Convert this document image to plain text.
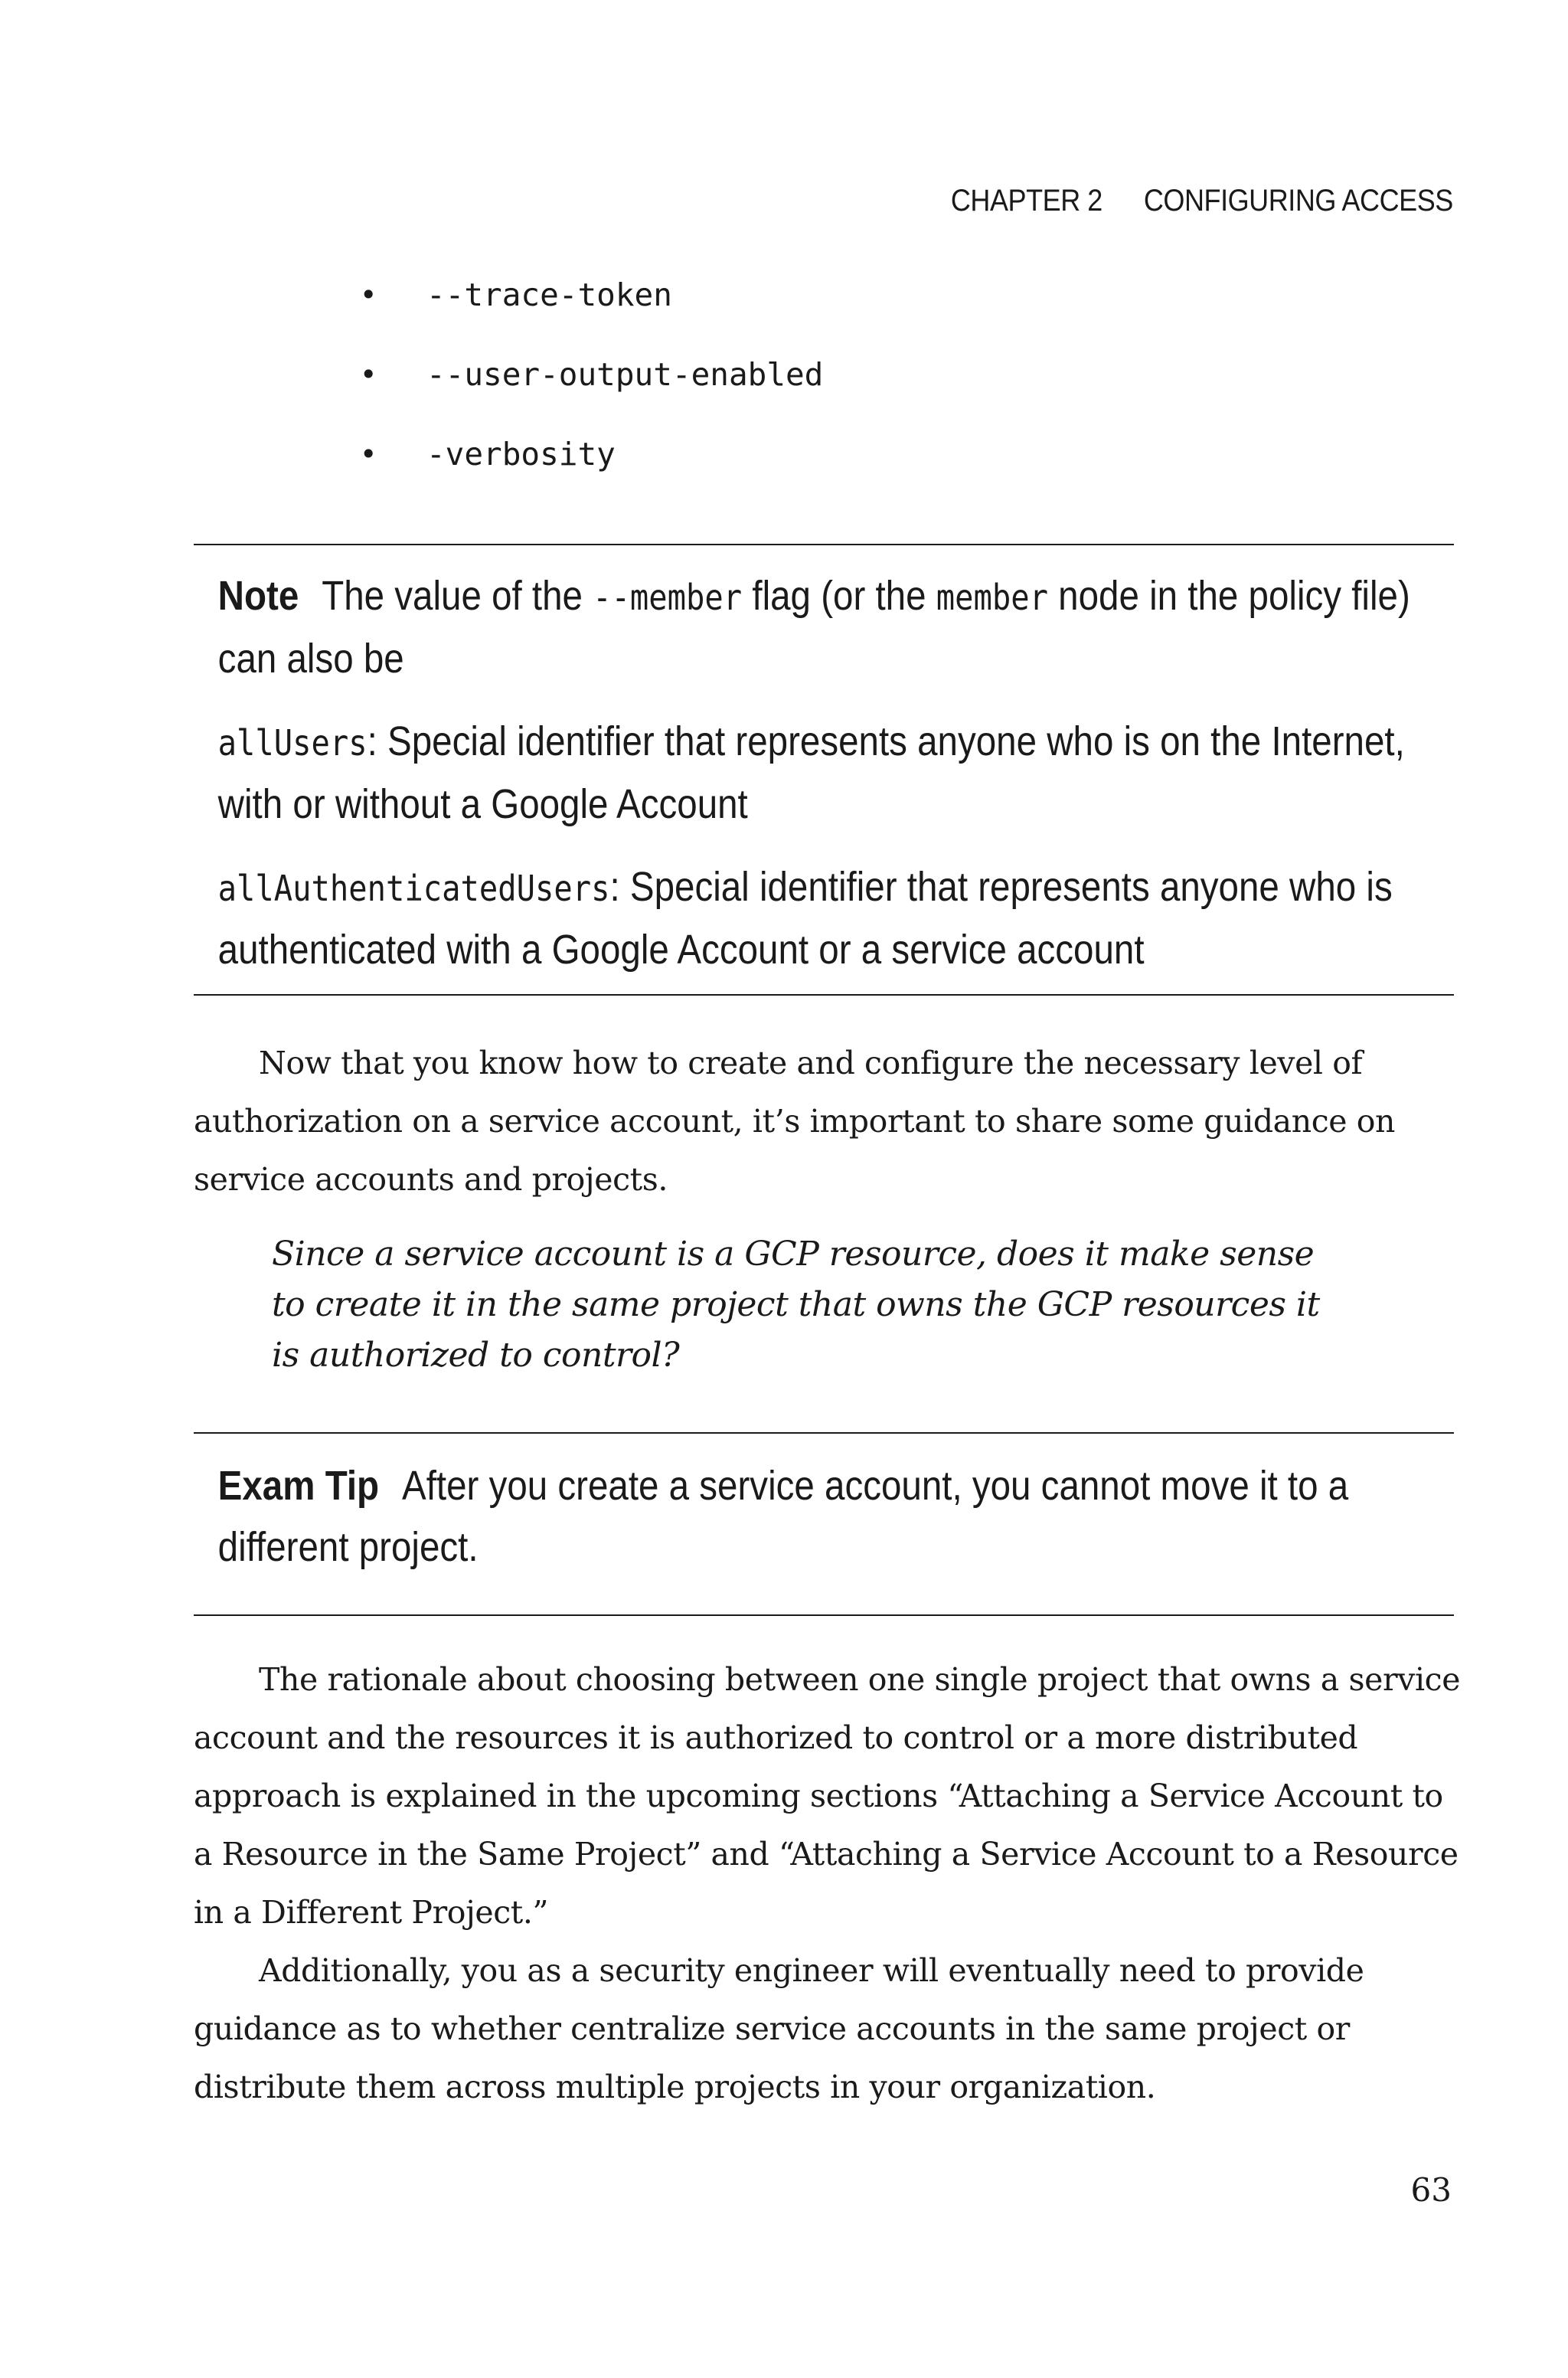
CHAPTER 2 CONFIGURING ACCESS
• --trace-token
• --user-output-enabled
• -verbosity

Note The value of the --member flag (or the member node in the policy file) can also be

allUsers: Special identifier that represents anyone who is on the Internet, with or without a Google Account

allAuthenticatedUsers: Special identifier that represents anyone who is authenticated with a Google Account or a service account

Now that you know how to create and configure the necessary level of authorization on a service account, it’s important to share some guidance on service accounts and projects.

Since a service account is a GCP resource, does it make sense

to create it in the same project that owns the GCP resources it

is authorized to control?

Exam Tip After you create a service account, you cannot move it to a different project.

The rationale about choosing between one single project that owns a service account and the resources it is authorized to control or a more distributed approach is explained in the upcoming sections “Attaching a Service Account to a Resource in the Same Project” and “Attaching a Service Account to a Resource in a Different Project.”

Additionally, you as a security engineer will eventually need to provide guidance as to whether centralize service accounts in the same project or distribute them across multiple projects in your organization.

63
